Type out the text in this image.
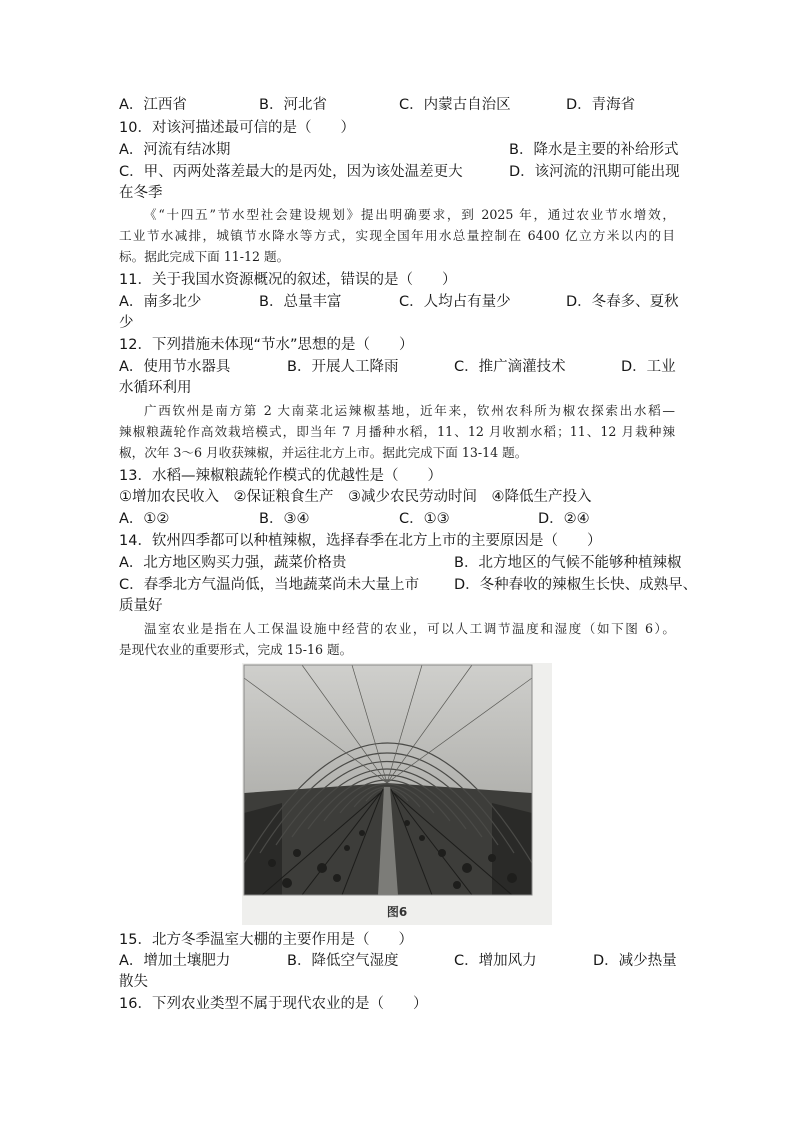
A．江西省	B．河北省	C．内蒙古自治区	D．青海省
10．对该河描述最可信的是（　　）
A．河流有结冰期	B．降水是主要的补给形式
C．甲、丙两处落差最大的是丙处，因为该处温差更大	D．该河流的汛期可能出现
在冬季

《“十四五”节水型社会建设规划》提出明确要求，到 2025 年，通过农业节水增效，

工业节水减排，城镇节水降水等方式，实现全国年用水总量控制在 6400 亿立方米以内的目

标。据此完成下面 11-12 题。

11．关于我国水资源概况的叙述，错误的是（　　）
A．南多北少	B．总量丰富	C．人均占有量少	D．冬春多、夏秋
少
12．下列措施未体现“节水”思想的是（　　）
A．使用节水器具	B．开展人工降雨	C．推广滴灌技术	D．工业
水循环利用

广西钦州是南方第 2 大南菜北运辣椒基地，近年来，钦州农科所为椒农探索出水稻—

辣椒粮蔬轮作高效栽培模式，即当年 7 月播种水稻，11、12 月收割水稻；11、12 月栽种辣

椒，次年 3～6 月收获辣椒，并运往北方上市。据此完成下面 13-14 题。

13．水稻—辣椒粮蔬轮作模式的优越性是（　　）
①增加农民收入　②保证粮食生产　③减少农民劳动时间　④降低生产投入
A．①②	B．③④	C．①③	D．②④
14．钦州四季都可以种植辣椒，选择春季在北方上市的主要原因是（　　）
A．北方地区购买力强，蔬菜价格贵	B．北方地区的气候不能够种植辣椒
C．春季北方气温尚低，当地蔬菜尚未大量上市 D．冬种春收的辣椒生长快、成熟早、
质量好

温室农业是指在人工保温设施中经营的农业，可以人工调节温度和湿度（如下图 6）。

是现代农业的重要形式，完成 15-16 题。

图6
15．北方冬季温室大棚的主要作用是（　　）
A．增加土壤肥力	B．降低空气湿度	C．增加风力	D．减少热量
散失
16．下列农业类型不属于现代农业的是（　　）
